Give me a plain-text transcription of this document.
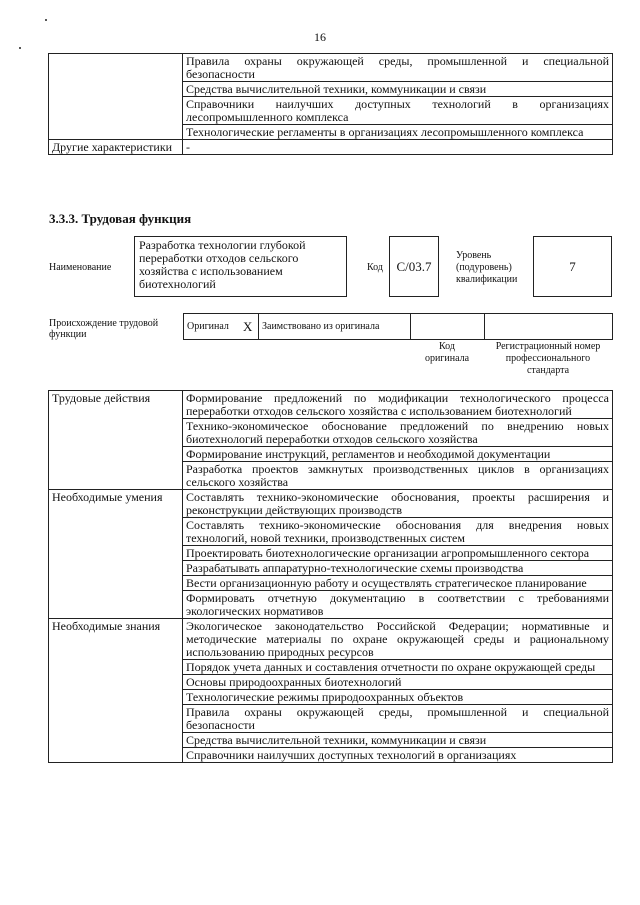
16
	Правила охраны окружающей среды, промышленной и специальной безопасности
	Средства вычислительной техники, коммуникации и связи
	Справочники наилучших доступных технологий в организациях лесопромышленного комплекса
	Технологические регламенты в организациях лесопромышленного комплекса
Другие характеристики	-
3.3.3. Трудовая функция
Наименование
Разработка технологии глубокой переработки отходов сельского хозяйства с использованием биотехнологий
Код	С/03.7
Уровень (подуровень) квалификации
7
Происхождение трудовой функции
Оригинал	X	Заимствовано из оригинала		
Код оригинала
Регистрационный номер профессионального стандарта
Трудовые действия	Формирование предложений по модификации технологического процесса переработки отходов сельского хозяйства с использованием биотехнологий
	Технико-экономическое обоснование предложений по внедрению новых биотехнологий переработки отходов сельского хозяйства
	Формирование инструкций, регламентов и необходимой документации
	Разработка проектов замкнутых производственных циклов в организациях сельского хозяйства
Необходимые умения	Составлять технико-экономические обоснования, проекты расширения и реконструкции действующих производств
	Составлять технико-экономические обоснования для внедрения новых технологий, новой техники, производственных систем
	Проектировать биотехнологические организации агропромышленного сектора
	Разрабатывать аппаратурно-технологические схемы производства
	Вести организационную работу и осуществлять стратегическое планирование
	Формировать отчетную документацию в соответствии с требованиями экологических нормативов
Необходимые знания	Экологическое законодательство Российской Федерации; нормативные и методические материалы по охране окружающей среды и рациональному использованию природных ресурсов
	Порядок учета данных и составления отчетности по охране окружающей среды
	Основы природоохранных биотехнологий
	Технологические режимы природоохранных объектов
	Правила охраны окружающей среды, промышленной и специальной безопасности
	Средства вычислительной техники, коммуникации и связи
	Справочники наилучших доступных технологий в организациях
